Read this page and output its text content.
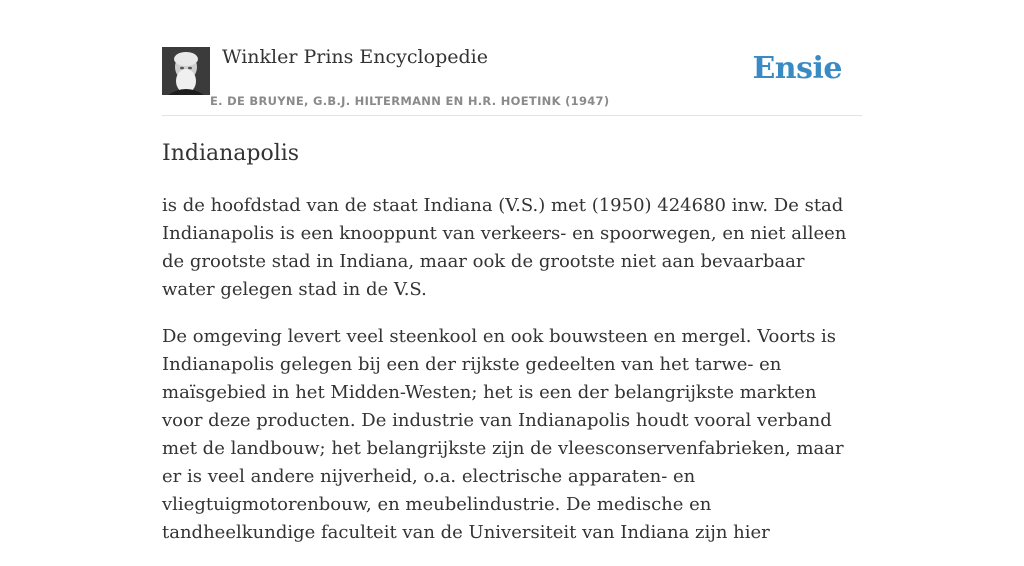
Winkler Prins Encyclopedie
E. DE BRUYNE, G.B.J. HILTERMANN EN H.R. HOETINK (1947)
Ensie
Indianapolis

is de hoofdstad van de staat Indiana (V.S.) met (1950) 424680 inw. De stad Indianapolis is een knooppunt van verkeers- en spoorwegen, en niet alleen de grootste stad in Indiana, maar ook de grootste niet aan bevaarbaar water gelegen stad in de V.S.

De omgeving levert veel steenkool en ook bouwsteen en mergel. Voorts is Indianapolis gelegen bij een der rijkste gedeelten van het tarwe- en maïsgebied in het Midden-Westen; het is een der belangrijkste markten voor deze producten. De industrie van Indianapolis houdt vooral verband met de landbouw; het belangrijkste zijn de vleesconservenfabrieken, maar er is veel andere nijverheid, o.a. electrische apparaten- en vliegtuigmotorenbouw, en meubelindustrie. De medische en tandheelkundige faculteit van de Universiteit van Indiana zijn hier
